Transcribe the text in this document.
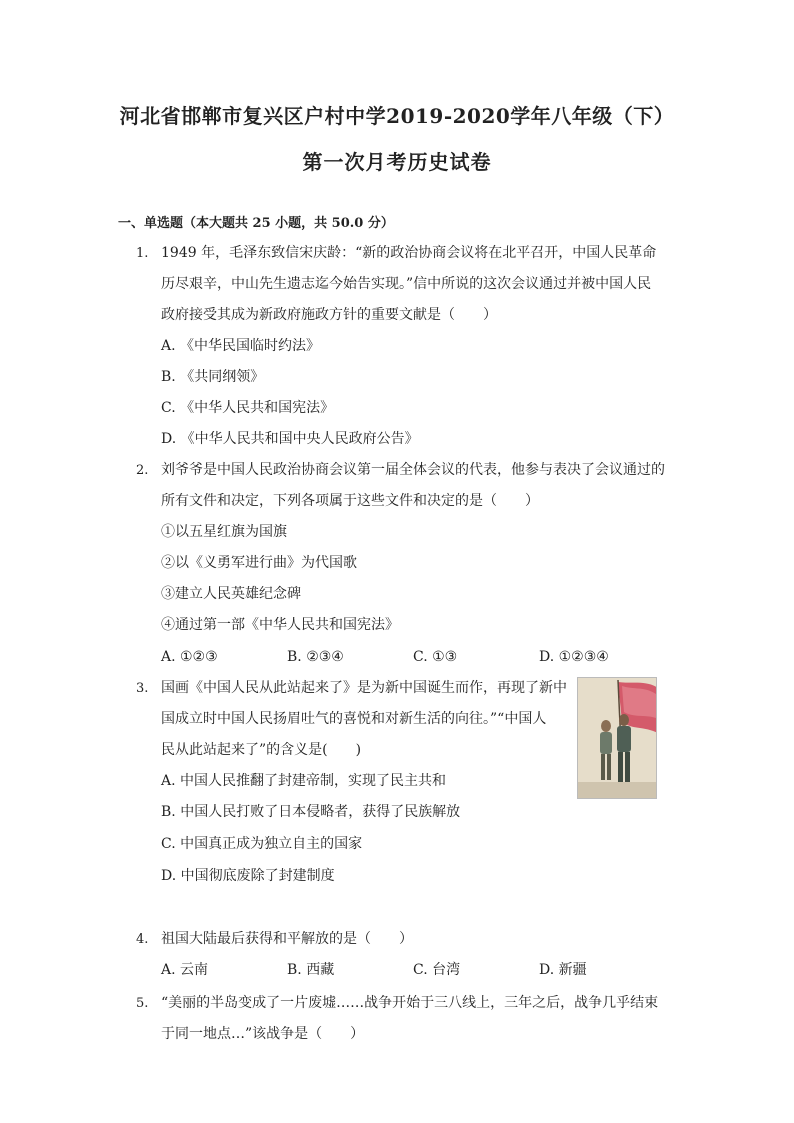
河北省邯郸市复兴区户村中学2019-2020学年八年级（下）
第一次月考历史试卷
一、单选题（本大题共 25 小题，共 50.0 分）
1. 1949 年，毛泽东致信宋庆龄：“新的政治协商会议将在北平召开，中国人民革命
历尽艰辛，中山先生遗志迄今始告实现。”信中所说的这次会议通过并被中国人民
政府接受其成为新政府施政方针的重要文献是（　　）
A. 《中华民国临时约法》
B. 《共同纲领》
C. 《中华人民共和国宪法》
D. 《中华人民共和国中央人民政府公告》
2. 刘爷爷是中国人民政治协商会议第一届全体会议的代表，他参与表决了会议通过的
所有文件和决定，下列各项属于这些文件和决定的是（　　）
①以五星红旗为国旗
②以《义勇军进行曲》为代国歌
③建立人民英雄纪念碑
④通过第一部《中华人民共和国宪法》
A. ①②③	B. ②③④	C. ①③	D. ①②③④
3. 国画《中国人民从此站起来了》是为新中国诞生而作，再现了新中
国成立时中国人民扬眉吐气的喜悦和对新生活的向往。”“中国人
民从此站起来了”的含义是(　　)
A. 中国人民推翻了封建帝制，实现了民主共和
B. 中国人民打败了日本侵略者，获得了民族解放
C. 中国真正成为独立自主的国家
D. 中国彻底废除了封建制度
4. 祖国大陆最后获得和平解放的是（　　）
A. 云南	B. 西藏	C. 台湾	D. 新疆
5. “美丽的半岛变成了一片废墟……战争开始于三八线上，三年之后，战争几乎结束
于同一地点…”该战争是（　　）
